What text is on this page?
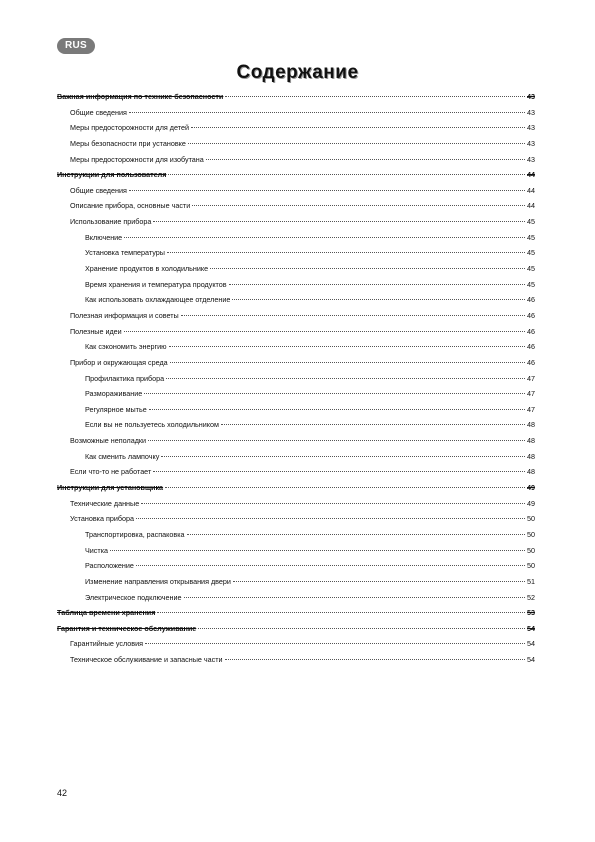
RUS
Содержание
Важная информация по технике безопасности	43
Общие сведения	43
Меры предосторожности для детей	43
Меры безопасности при установке	43
Меры предосторожности для изобутана	43
Инструкции для пользователя	44
Общие сведения	44
Описание прибора, основные части	44
Использование прибора	45
Включение	45
Установка температуры	45
Хранение продуктов в холодильнике	45
Время хранения и температура продуктов	45
Как использовать охлаждающее отделение	46
Полезная информация и советы	46
Полезные идеи	46
Как сэкономить энергию	46
Прибор и окружающая среда	46
Профилактика прибора	47
Размораживание	47
Регулярное мытье	47
Если вы не пользуетесь холодильником	48
Возможные неполадки	48
Как сменить лампочку	48
Если что-то не работает	48
Инструкции для установщика	49
Технические данные	49
Установка прибора	50
Транспортировка, распаковка	50
Чистка	50
Расположение	50
Изменение направления открывания двери	51
Электрическое подключение	52
Таблица времени хранения	53
Гарантия и техническое обслуживание	54
Гарантийные условия	54
Техническое обслуживание и запасные части	54
42
